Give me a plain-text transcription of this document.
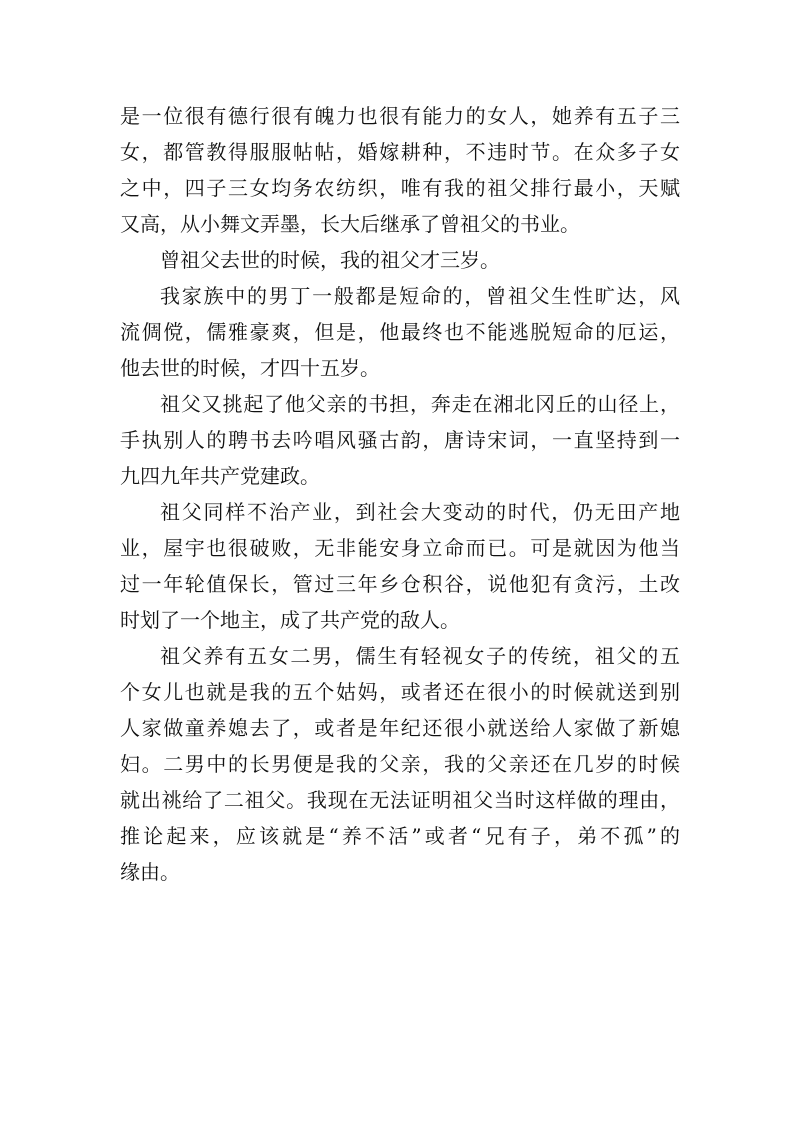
是一位很有德行很有魄力也很有能力的女人，她养有五子三
女，都管教得服服帖帖，婚嫁耕种，不违时节。在众多子女
之中，四子三女均务农纺织，唯有我的祖父排行最小，天赋
又高，从小舞文弄墨，长大后继承了曾祖父的书业。
曾祖父去世的时候，我的祖父才三岁。
我家族中的男丁一般都是短命的，曾祖父生性旷达，风
流倜傥，儒雅豪爽，但是，他最终也不能逃脱短命的厄运，
他去世的时候，才四十五岁。
祖父又挑起了他父亲的书担，奔走在湘北冈丘的山径上，
手执别人的聘书去吟唱风骚古韵，唐诗宋词，一直坚持到一
九四九年共产党建政。
祖父同样不治产业，到社会大变动的时代，仍无田产地
业，屋宇也很破败，无非能安身立命而已。可是就因为他当
过一年轮值保长，管过三年乡仓积谷，说他犯有贪污，土改
时划了一个地主，成了共产党的敌人。
祖父养有五女二男，儒生有轻视女子的传统，祖父的五
个女儿也就是我的五个姑妈，或者还在很小的时候就送到别
人家做童养媳去了，或者是年纪还很小就送给人家做了新媳
妇。二男中的长男便是我的父亲，我的父亲还在几岁的时候
就出祧给了二祖父。我现在无法证明祖父当时这样做的理由，
推论起来，应该就是“养不活”或者“兄有子，弟不孤”的
缘由。
